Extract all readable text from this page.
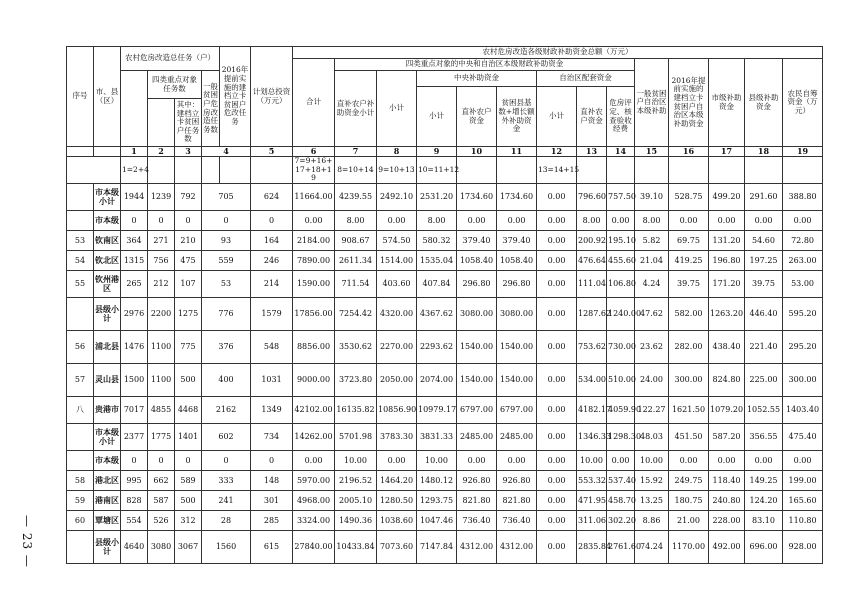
— 23 —
序号	市、县（区）	农村危房改造总任务（户）				2016年提前实施的建档立卡贫困户危改任务	计划总投资（万元）	农村危房改造各级财政补助资金总额（万元）														
								合计	四类重点对象的中央和自治区本级财政补助资金								一般贫困户自治区本级补助	2016年提前实施的建档立卡贫困户自治区本级补助资金	市级补助资金	县级补助资金	农民自筹资金（万元）	
			四类重点对象任务数		一般贫困户危房改造任务数				直补农户补助资金小计	小计	中央补助资金			自治区配套资金								
											小计	直补农户资金	贫困县基数+增长额外补助资金	小计	直补农户资金	危房评定、核查验收经费						
				其中：建档立卡贫困户任务数																		

		1	2	3	4		5	6	7	8	9	10	11	12	13	14	15	16	17	18	19	
		1=2+4						7=9+16+17+18+19	8=10+14	9=10+13	10=11+12			13=14+15								
	市本级小计	1944	1239	792	705		624	11664.00	4239.55	2492.10	2531.20	1734.60	1734.60	0.00	796.60	757.50	39.10	528.75	499.20	291.60	388.80	
	市本级	0	0	0	0		0	0.00	8.00	0.00	8.00	0.00	0.00	0.00	8.00	0.00	8.00	0.00	0.00	0.00	0.00	
53	钦南区	364	271	210	93		164	2184.00	908.67	574.50	580.32	379.40	379.40	0.00	200.92	195.10	5.82	69.75	131.20	54.60	72.80	
54	钦北区	1315	756	475	559		246	7890.00	2611.34	1514.00	1535.04	1058.40	1058.40	0.00	476.64	455.60	21.04	419.25	196.80	197.25	263.00	
55	钦州港区	265	212	107	53		214	1590.00	711.54	403.60	407.84	296.80	296.80	0.00	111.04	106.80	4.24	39.75	171.20	39.75	53.00	
	县级小计	2976	2200	1275	776		1579	17856.00	7254.42	4320.00	4367.62	3080.00	3080.00	0.00	1287.62	1240.00	47.62	582.00	1263.20	446.40	595.20	
56	浦北县	1476	1100	775	376		548	8856.00	3530.62	2270.00	2293.62	1540.00	1540.00	0.00	753.62	730.00	23.62	282.00	438.40	221.40	295.20	
57	灵山县	1500	1100	500	400		1031	9000.00	3723.80	2050.00	2074.00	1540.00	1540.00	0.00	534.00	510.00	24.00	300.00	824.80	225.00	300.00	
八	贵港市	7017	4855	4468	2162		1349	42102.00	16135.82	10856.90	10979.17	6797.00	6797.00	0.00	4182.17	4059.90	122.27	1621.50	1079.20	1052.55	1403.40	
	市本级小计	2377	1775	1401	602		734	14262.00	5701.98	3783.30	3831.33	2485.00	2485.00	0.00	1346.33	1298.30	48.03	451.50	587.20	356.55	475.40	
	市本级	0	0	0	0		0	0.00	10.00	0.00	10.00	0.00	0.00	0.00	10.00	0.00	10.00	0.00	0.00	0.00	0.00	
58	港北区	995	662	589	333		148	5970.00	2196.52	1464.20	1480.12	926.80	926.80	0.00	553.32	537.40	15.92	249.75	118.40	149.25	199.00	
59	港南区	828	587	500	241		301	4968.00	2005.10	1280.50	1293.75	821.80	821.80	0.00	471.95	458.70	13.25	180.75	240.80	124.20	165.60	
60	覃塘区	554	526	312	28		285	3324.00	1490.36	1038.60	1047.46	736.40	736.40	0.00	311.06	302.20	8.86	21.00	228.00	83.10	110.80	
	县级小计	4640	3080	3067	1560		615	27840.00	10433.84	7073.60	7147.84	4312.00	4312.00	0.00	2835.84	2761.60	74.24	1170.00	492.00	696.00	928.00	
